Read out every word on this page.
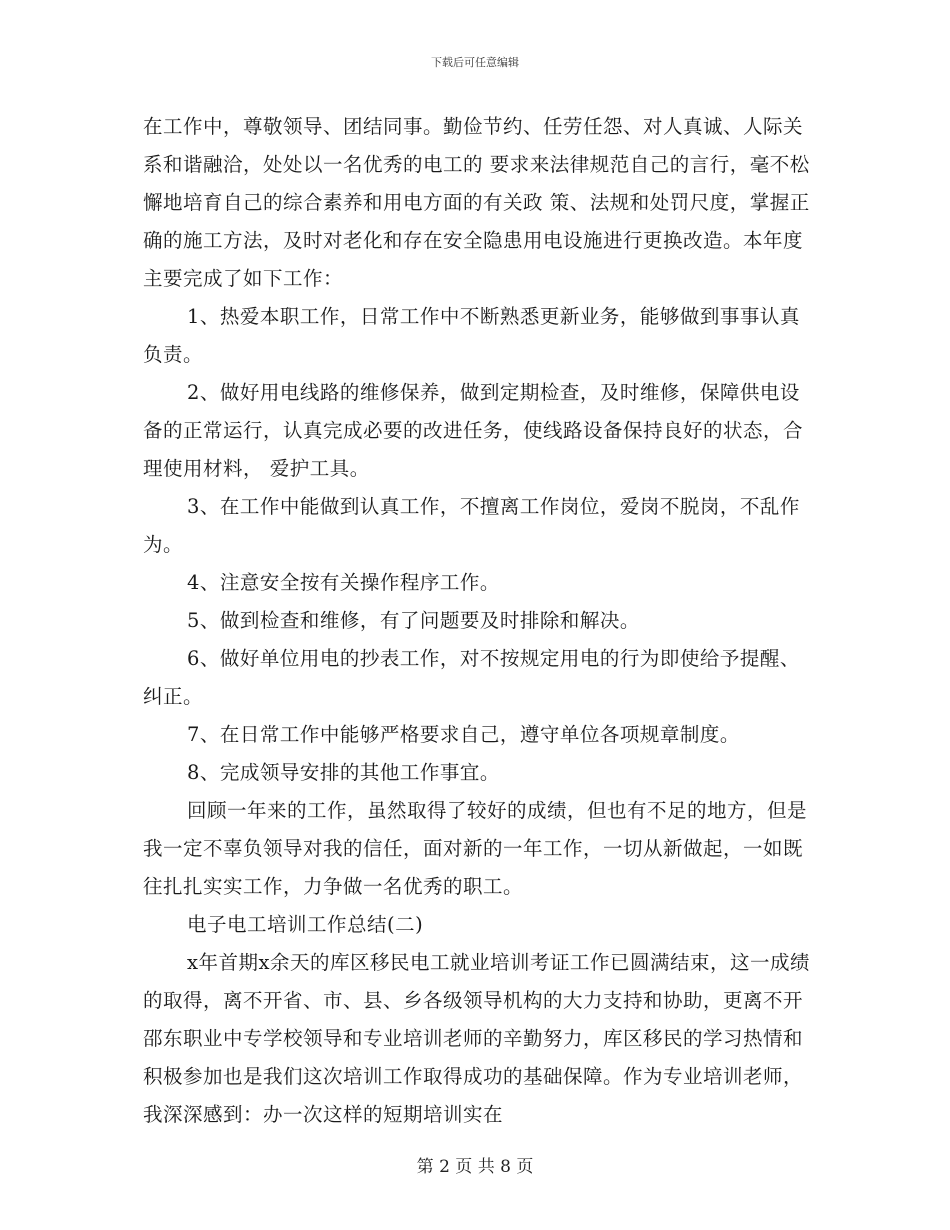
下载后可任意编辑

在工作中，尊敬领导、团结同事。勤俭节约、任劳任怨、对人真诚、人际关系和谐融洽，处处以一名优秀的电工的 要求来法律规范自己的言行，毫不松懈地培育自己的综合素养和用电方面的有关政 策、法规和处罚尺度，掌握正确的施工方法，及时对老化和存在安全隐患用电设施进行更换改造。本年度主要完成了如下工作：

1、热爱本职工作，日常工作中不断熟悉更新业务，能够做到事事认真负责。

2、做好用电线路的维修保养，做到定期检查，及时维修，保障供电设备的正常运行，认真完成必要的改进任务，使线路设备保持良好的状态，合理使用材料， 爱护工具。

3、在工作中能做到认真工作，不擅离工作岗位，爱岗不脱岗，不乱作为。

4、注意安全按有关操作程序工作。

5、做到检查和维修，有了问题要及时排除和解决。

6、做好单位用电的抄表工作，对不按规定用电的行为即使给予提醒、纠正。

7、在日常工作中能够严格要求自己，遵守单位各项规章制度。

8、完成领导安排的其他工作事宜。

回顾一年来的工作，虽然取得了较好的成绩，但也有不足的地方，但是我一定不辜负领导对我的信任，面对新的一年工作，一切从新做起，一如既往扎扎实实工作，力争做一名优秀的职工。

电子电工培训工作总结(二)

x年首期x余天的库区移民电工就业培训考证工作已圆满结束，这一成绩的取得，离不开省、市、县、乡各级领导机构的大力支持和协助，更离不开邵东职业中专学校领导和专业培训老师的辛勤努力，库区移民的学习热情和积极参加也是我们这次培训工作取得成功的基础保障。作为专业培训老师，我深深感到：办一次这样的短期培训实在

第 2 页 共 8 页
